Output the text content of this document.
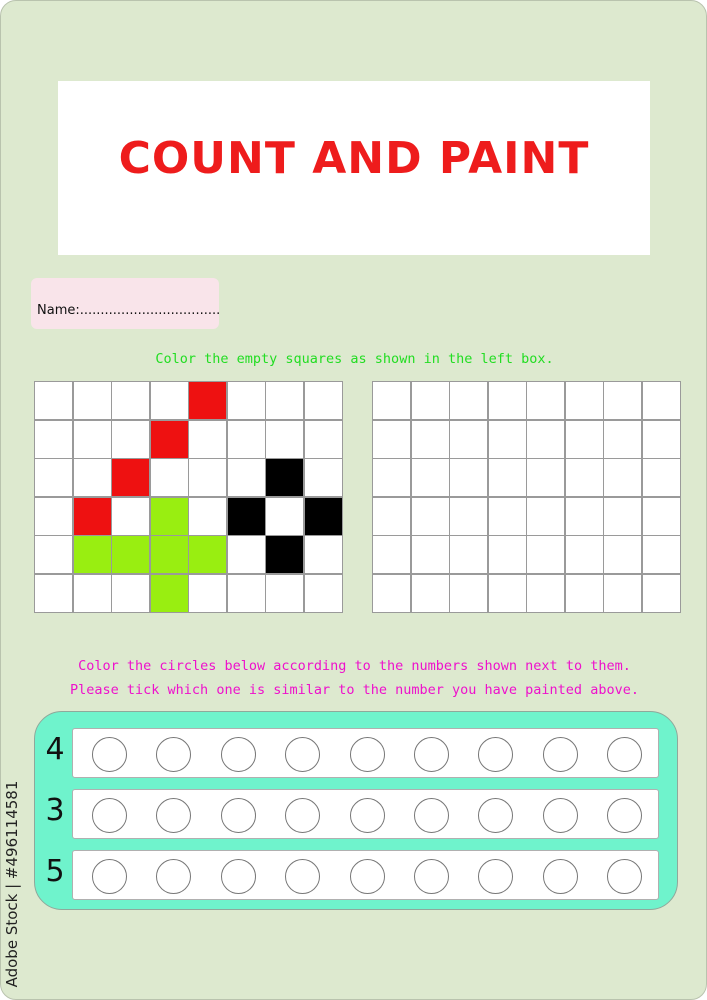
COUNT AND PAINT
Name:..................................
Color the empty squares as shown in the left box.
Color the circles below according to the numbers shown next to them.
Please tick which one is similar to the number you have painted above.
4
3
5
Adobe Stock | #496114581
